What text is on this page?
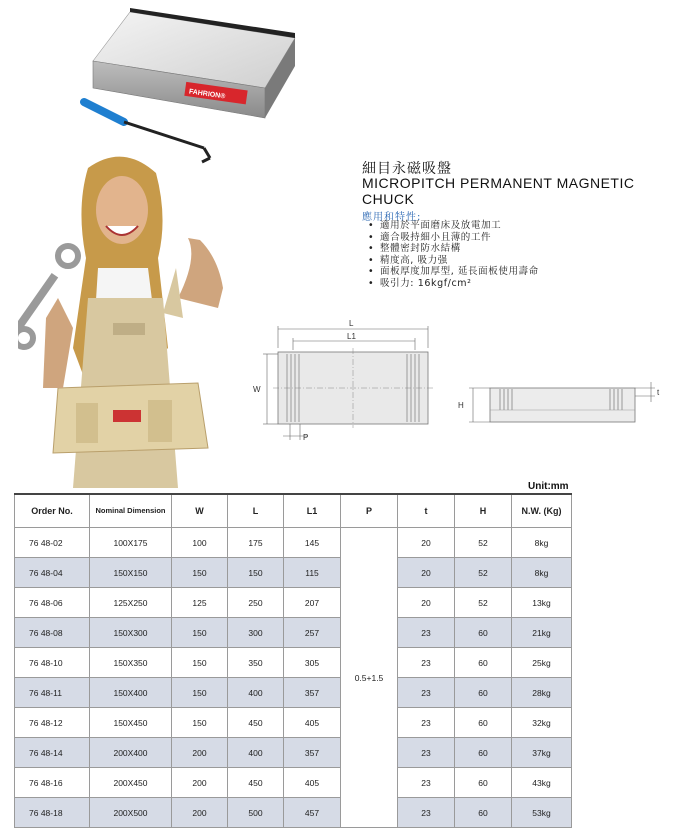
FAHRION®
細目永磁吸盤
MICROPITCH PERMANENT MAGNETIC CHUCK
應用和特性:
• 適用於平面磨床及放電加工
• 適合吸持細小且薄的工件
• 整體密封防水結構
• 精度高, 吸力强
• 面板厚度加厚型, 延長面板使用壽命
• 吸引力: 16kgf/cm²
L
L1
W
P
H
t
Unit:mm
Order No.	Nominal Dimension	W	L	L1	P	t	H	N.W. (Kg)
76 48-02	100X175	100	175	145	0.5+1.5	20	52	8kg
76 48-04	150X150	150	150	115		20	52	8kg
76 48-06	125X250	125	250	207		20	52	13kg
76 48-08	150X300	150	300	257		23	60	21kg
76 48-10	150X350	150	350	305		23	60	25kg
76 48-11	150X400	150	400	357		23	60	28kg
76 48-12	150X450	150	450	405		23	60	32kg
76 48-14	200X400	200	400	357		23	60	37kg
76 48-16	200X450	200	450	405		23	60	43kg
76 48-18	200X500	200	500	457		23	60	53kg
